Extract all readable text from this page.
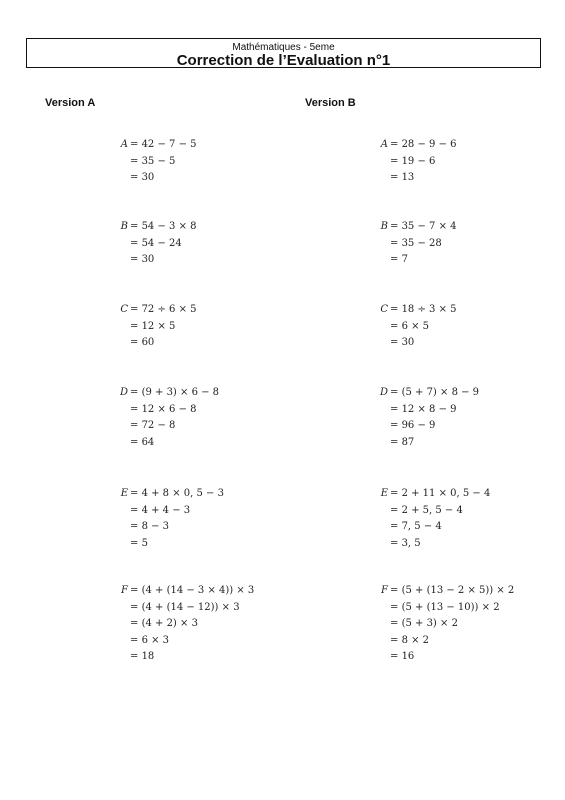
Mathématiques - 5eme
Correction de l’Evaluation n°1
Version A	Version B
A = 42 − 7 − 5
= 35 − 5
= 30
B = 54 − 3 × 8
= 54 − 24
= 30
C = 72 ÷ 6 × 5
= 12 × 5
= 60
D = (9 + 3) × 6 − 8
= 12 × 6 − 8
= 72 − 8
= 64
E = 4 + 8 × 0, 5 − 3
= 4 + 4 − 3
= 8 − 3
= 5
F = (4 + (14 − 3 × 4)) × 3
= (4 + (14 − 12)) × 3
= (4 + 2) × 3
= 6 × 3
= 18
A = 28 − 9 − 6
= 19 − 6
= 13
B = 35 − 7 × 4
= 35 − 28
= 7
C = 18 ÷ 3 × 5
= 6 × 5
= 30
D = (5 + 7) × 8 − 9
= 12 × 8 − 9
= 96 − 9
= 87
E = 2 + 11 × 0, 5 − 4
= 2 + 5, 5 − 4
= 7, 5 − 4
= 3, 5
F = (5 + (13 − 2 × 5)) × 2
= (5 + (13 − 10)) × 2
= (5 + 3) × 2
= 8 × 2
= 16
